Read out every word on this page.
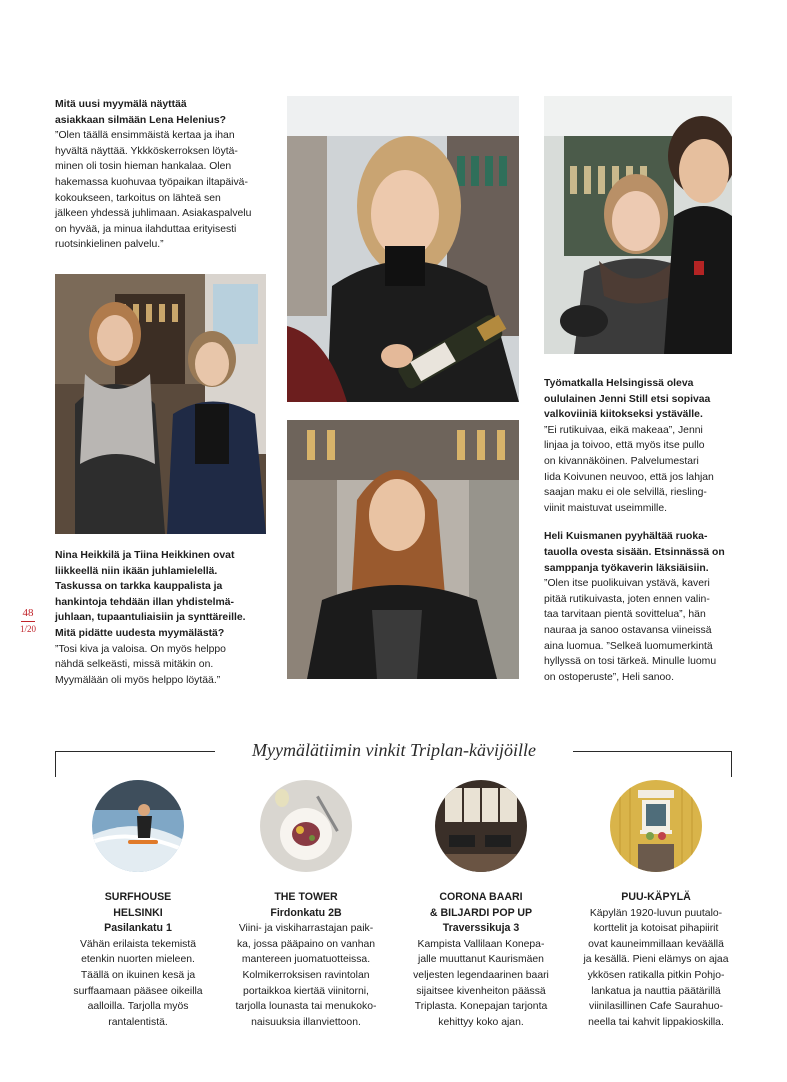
Mitä uusi myymälä näyttää
asiakkaan silmään Lena Helenius?

”Olen täällä ensimmäistä kertaa ja ihan
hyvältä näyttää. Ykkköskerroksen löytä-
minen oli tosin hieman hankalaa. Olen
hakemassa kuohuvaa työpaikan iltapäivä-
kokoukseen, tarkoitus on lähteä sen
jälkeen yhdessä juhlimaan. Asiakaspalvelu
on hyvää, ja minua ilahduttaa erityisesti
ruotsinkielinen palvelu.”

Nina Heikkilä ja Tiina Heikkinen ovat
liikkeellä niin ikään juhlamielellä.
Taskussa on tarkka kauppalista ja
hankintoja tehdään illan yhdistelmä-
juhlaan, tupaantuliaisiin ja synttäreille.
Mitä pidätte uudesta myymälästä?

”Tosi kiva ja valoisa. On myös helppo
nähdä selkeästi, missä mitäkin on.
Myymälään oli myös helppo löytää.”

48
1/20

Työmatkalla Helsingissä oleva
oululainen Jenni Still etsi sopivaa
valkoviiniä kiitokseksi ystävälle.

”Ei rutikuivaa, eikä makeaa”, Jenni
linjaa ja toivoo, että myös itse pullo
on kivannäköinen. Palvelumestari
Iida Koivunen neuvoo, että jos lahjan
saajan maku ei ole selvillä, riesling-
viinit maistuvat useimmille.

Heli Kuismanen pyyhältää ruoka-
tauolla ovesta sisään. Etsinnässä on
samppanja työkaverin läksiäisiin.

”Olen itse puolikuivan ystävä, kaveri
pitää rutikuivasta, joten ennen valin-
taa tarvitaan pientä sovittelua”, hän
nauraa ja sanoo ostavansa viineissä
aina luomua. ”Selkeä luomumerkintä
hyllyssä on tosi tärkeä. Minulle luomu
on ostoperuste”, Heli sanoo.

Myymälätiimin vinkit Triplan-kävijöille
SURFHOUSE
HELSINKI
Pasilankatu 1
Vähän erilaista tekemistä
etenkin nuorten mieleen.
Täällä on ikuinen kesä ja
surffaamaan pääsee oikeilla
aalloilla. Tarjolla myös
rantalentistä.
THE TOWER
Firdonkatu 2B
Viini- ja viskiharrastajan paik-
ka, jossa pääpaino on vanhan
mantereen juomatuotteissa.
Kolmikerroksisen ravintolan
portaikkoa kiertää viinitorni,
tarjolla lounasta tai menukoko-
naisuuksia illanviettoon.
CORONA BAARI
& BILJARDI POP UP
Traverssikuja 3
Kampista Vallilaan Konepa-
jalle muuttanut Kaurismäen
veljesten legendaarinen baari
sijaitsee kivenheiton päässä
Triplasta. Konepajan tarjonta
kehittyy koko ajan.
PUU-KÄPYLÄ
Käpylän 1920-luvun puutalo-
korttelit ja kotoisat pihapiirit
ovat kauneimmillaan keväällä
ja kesällä. Pieni elämys on ajaa
ykkösen ratikalla pitkin Pohjo-
lankatua ja nauttia päätärillä
viinilasillinen Cafe Saurahuo-
neella tai kahvit lippakioskilla.
